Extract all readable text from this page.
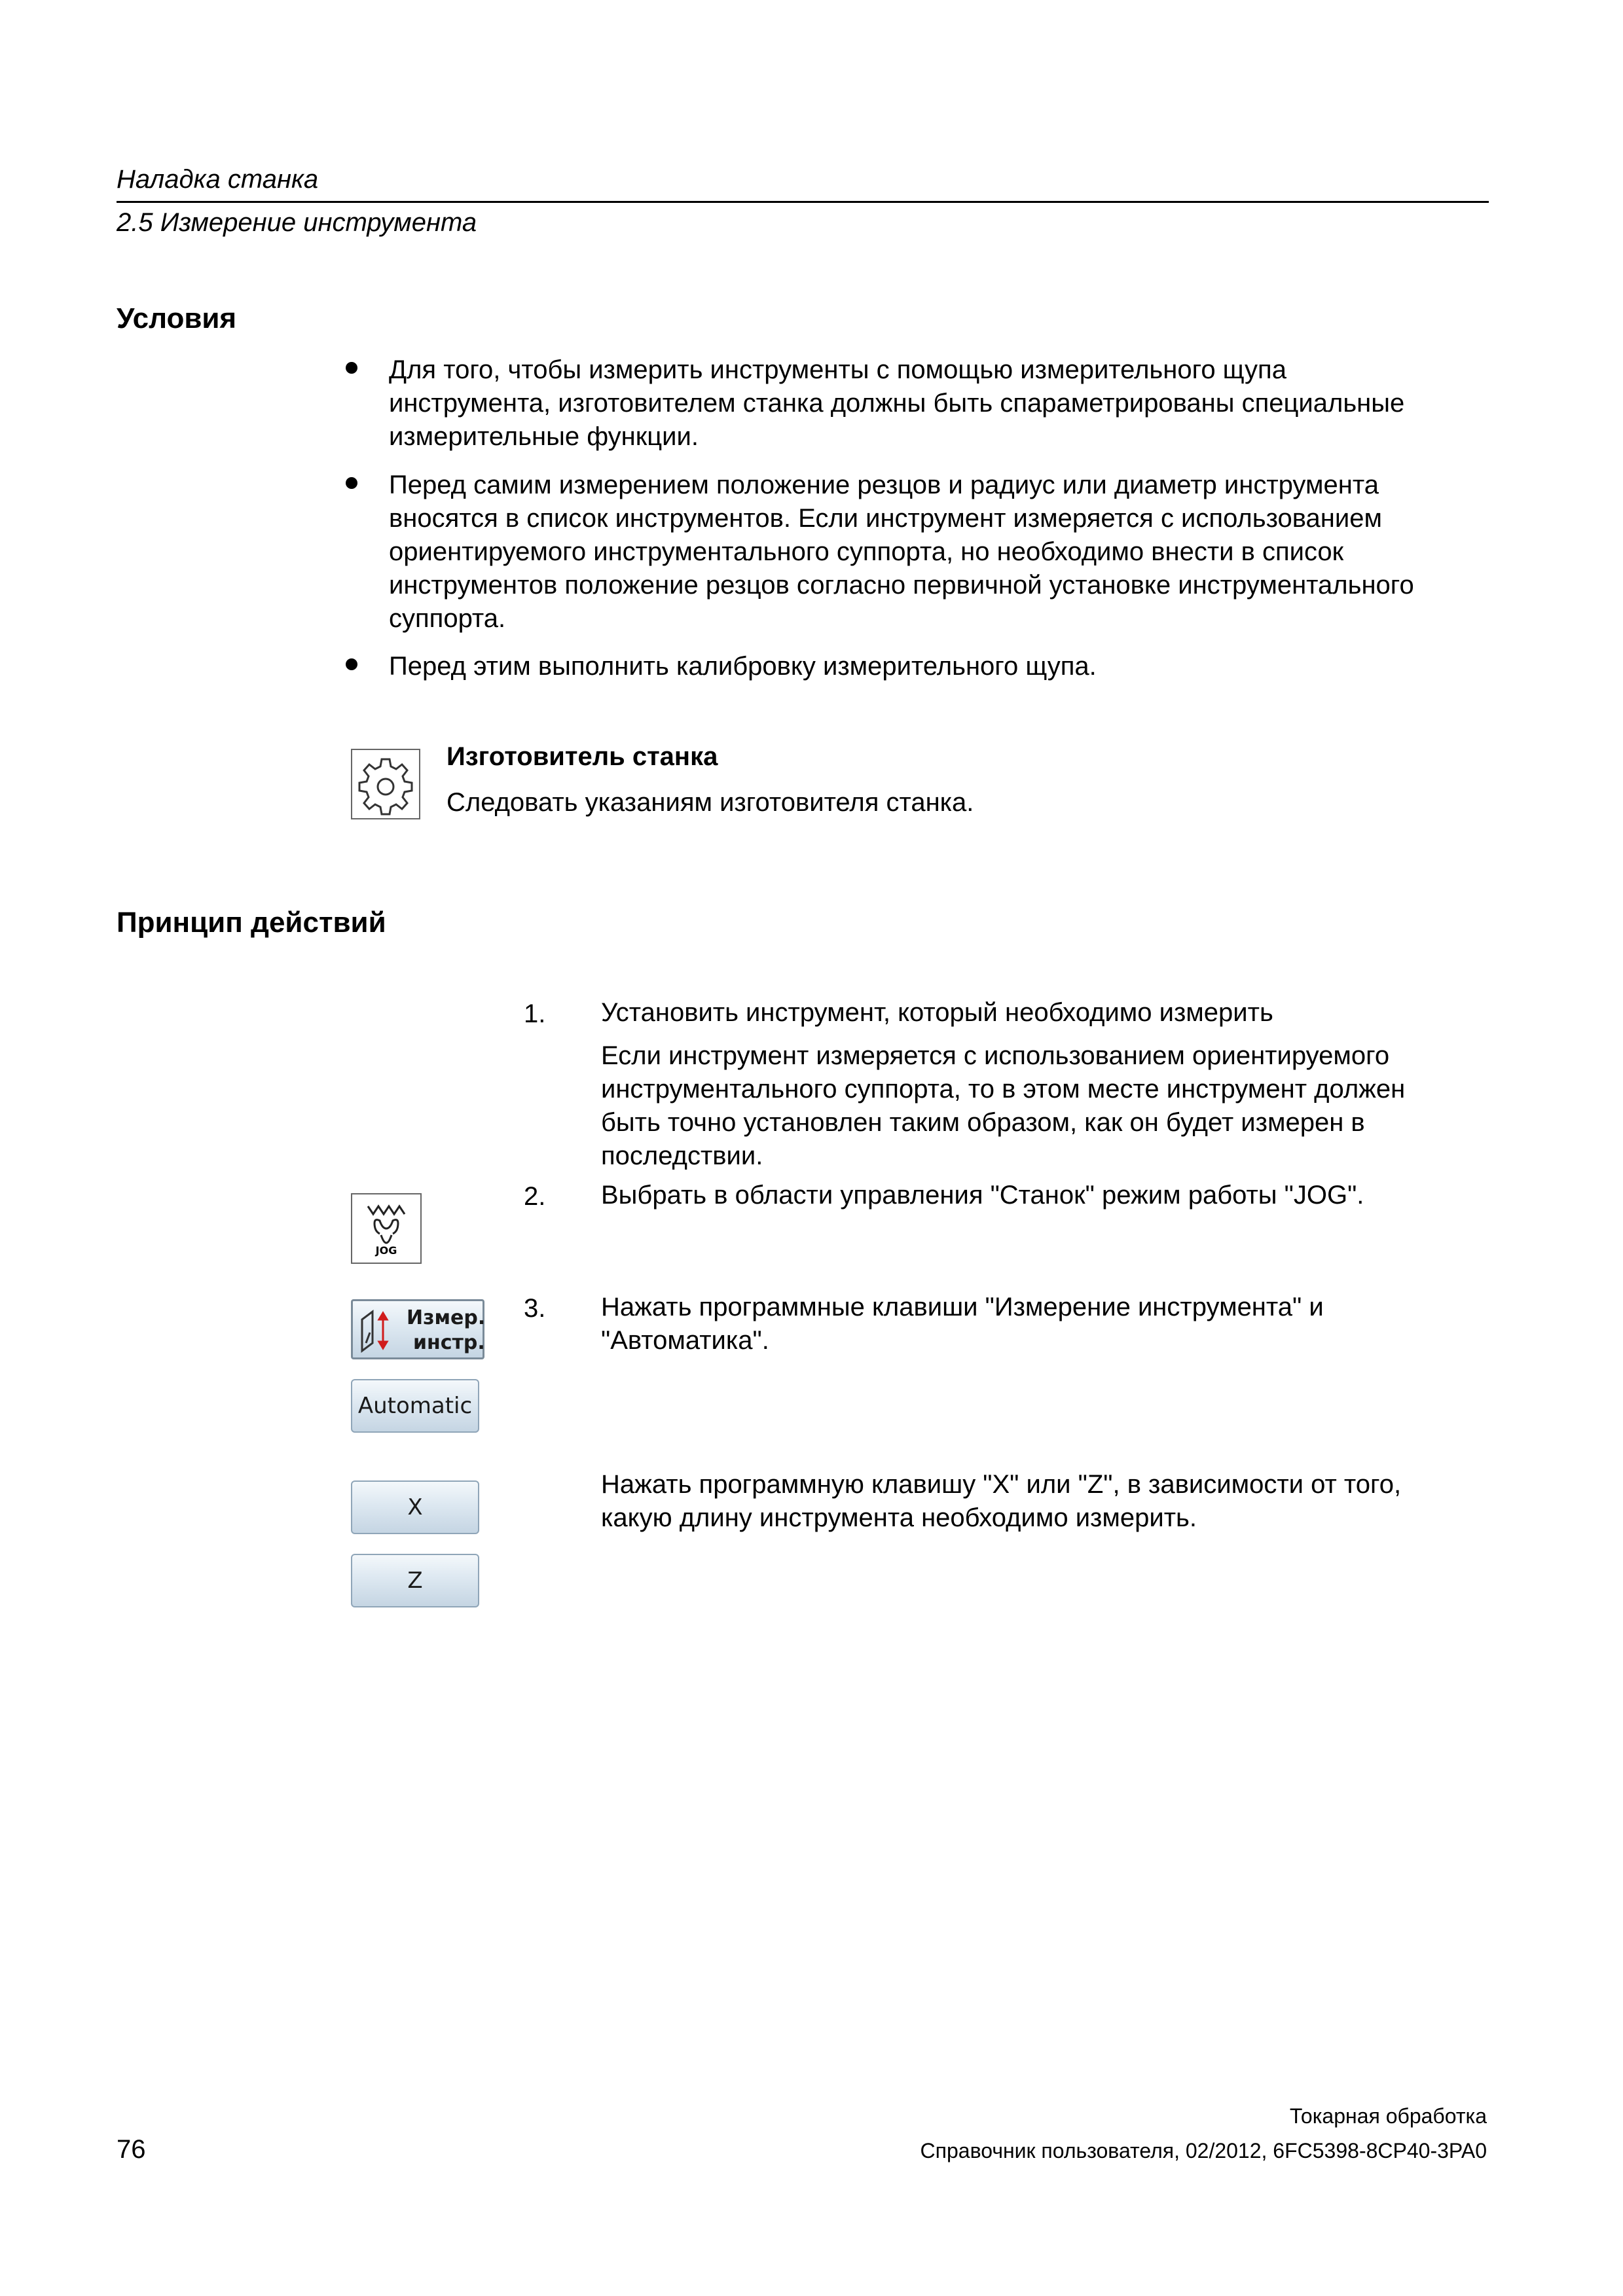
Наладка станка
2.5 Измерение инструмента
Условия
Для того, чтобы измерить инструменты с помощью измерительного щупа
инструмента, изготовителем станка должны быть спараметрированы специальные
измерительные функции.
Перед самим измерением положение резцов и радиус или диаметр инструмента
вносятся в список инструментов. Если инструмент измеряется с использованием
ориентируемого инструментального суппорта, но необходимо внести в список
инструментов положение резцов согласно первичной установке инструментального
суппорта.
Перед этим выполнить калибровку измерительного щупа.
Изготовитель станка
Следовать указаниям изготовителя станка.
Принцип действий
1. Установить инструмент, который необходимо измерить
Если инструмент измеряется с использованием ориентируемого
инструментального суппорта, то в этом месте инструмент должен
быть точно установлен таким образом, как он будет измерен в
последствии.
2. Выбрать в области управления "Станок" режим работы "JOG".
3. Нажать программные клавиши "Измерение инструмента" и
"Автоматика".
Нажать программную клавишу "X" или "Z", в зависимости от того,
какую длину инструмента необходимо измерить.
JOG
Измер.
инстр.
Automatic
X
Z
76
Токарная обработка
Справочник пользователя, 02/2012, 6FC5398-8CP40-3PA0
